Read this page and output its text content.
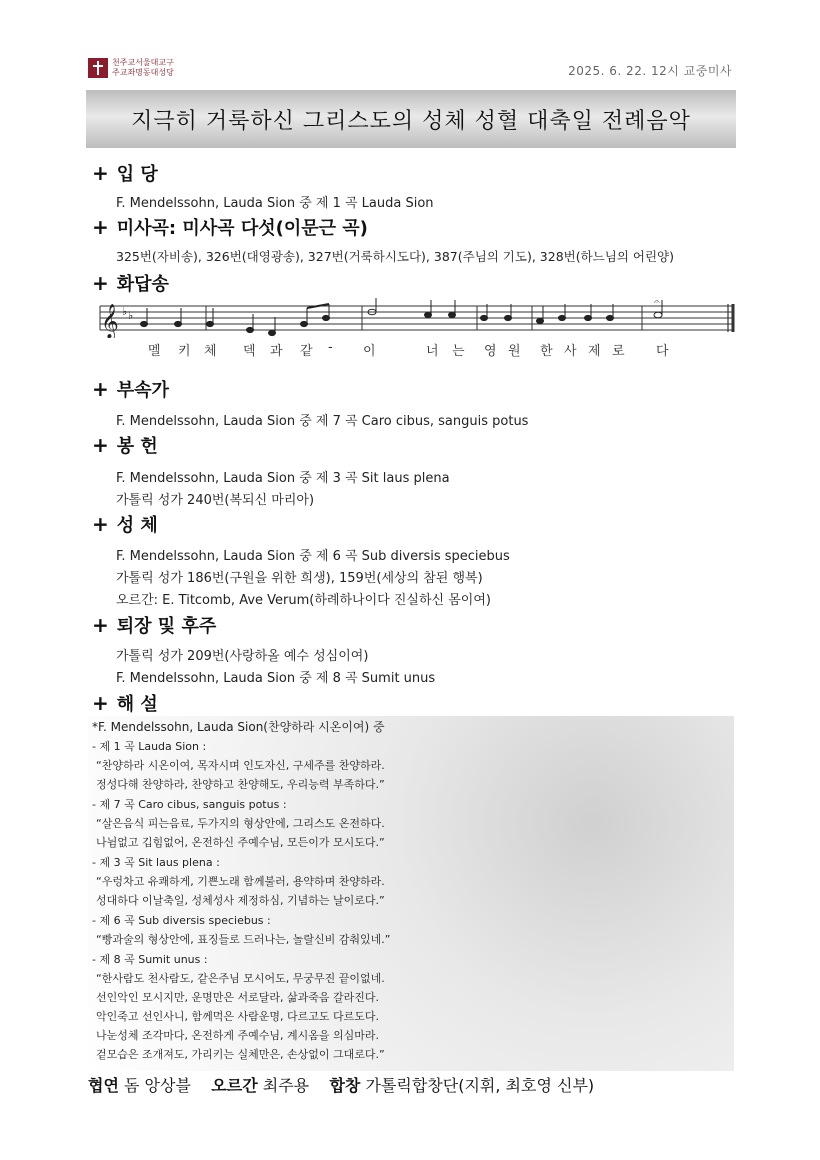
천주교서울대교구
주교좌명동대성당	2025. 6. 22. 12시 교중미사
지극히 거룩하신 그리스도의 성체 성혈 대축일 전례음악
+ 입 당
F. Mendelssohn, Lauda Sion 중 제 1 곡 Lauda Sion
+ 미사곡: 미사곡 다섯(이문근 곡)
325번(자비송), 326번(대영광송), 327번(거룩하시도다), 387(주님의 기도), 328번(하느님의 어린양)
+ 화답송
𝄞 ♭ ♭
𝄐
멜 키 체 덱 과 같 - 이	너 는 영 원 한 사 제 로 다
+ 부속가
F. Mendelssohn, Lauda Sion 중 제 7 곡 Caro cibus, sanguis potus
+ 봉 헌
F. Mendelssohn, Lauda Sion 중 제 3 곡 Sit laus plena
가톨릭 성가 240번(복되신 마리아)
+ 성 체
F. Mendelssohn, Lauda Sion 중 제 6 곡 Sub diversis speciebus
가톨릭 성가 186번(구원을 위한 희생), 159번(세상의 참된 행복)
오르간: E. Titcomb, Ave Verum(하례하나이다 진실하신 몸이여)
+ 퇴장 및 후주
가톨릭 성가 209번(사랑하올 예수 성심이여)
F. Mendelssohn, Lauda Sion 중 제 8 곡 Sumit unus
+ 해 설
*F. Mendelssohn, Lauda Sion(찬양하라 시온이여) 중
- 제 1 곡 Lauda Sion :
“찬양하라 시온이여, 목자시며 인도자신, 구세주를 찬양하라.
정성다해 찬양하라, 찬양하고 찬양해도, 우리능력 부족하다.”
- 제 7 곡 Caro cibus, sanguis potus :
“살은음식 피는음료, 두가지의 형상안에, 그리스도 온전하다.
나뉨없고 깁힘없어, 온전하신 주예수님, 모든이가 모시도다.”
- 제 3 곡 Sit laus plena :
“우렁차고 유쾌하게, 기쁜노래 함께불러, 용약하며 찬양하라.
성대하다 이날축일, 성체성사 제정하심, 기념하는 날이로다.”
- 제 6 곡 Sub diversis speciebus :
“빵과술의 형상안에, 표징들로 드러나는, 놀랄신비 감춰있네.”
- 제 8 곡 Sumit unus :
“한사람도 천사람도, 같은주님 모시어도, 무궁무진 끝이없네.
선인악인 모시지만, 운명만은 서로달라, 삶과죽음 갈라진다.
악인죽고 선인사니, 함께먹은 사람운명, 다르고도 다르도다.
나눈성체 조각마다, 온전하게 주예수님, 계시옴을 의심마라.
겉모습은 조개져도, 가리키는 실체만은, 손상없이 그대로다.”
협연 돔 앙상블 오르간 최주용 합창 가톨릭합창단(지휘, 최호영 신부)
